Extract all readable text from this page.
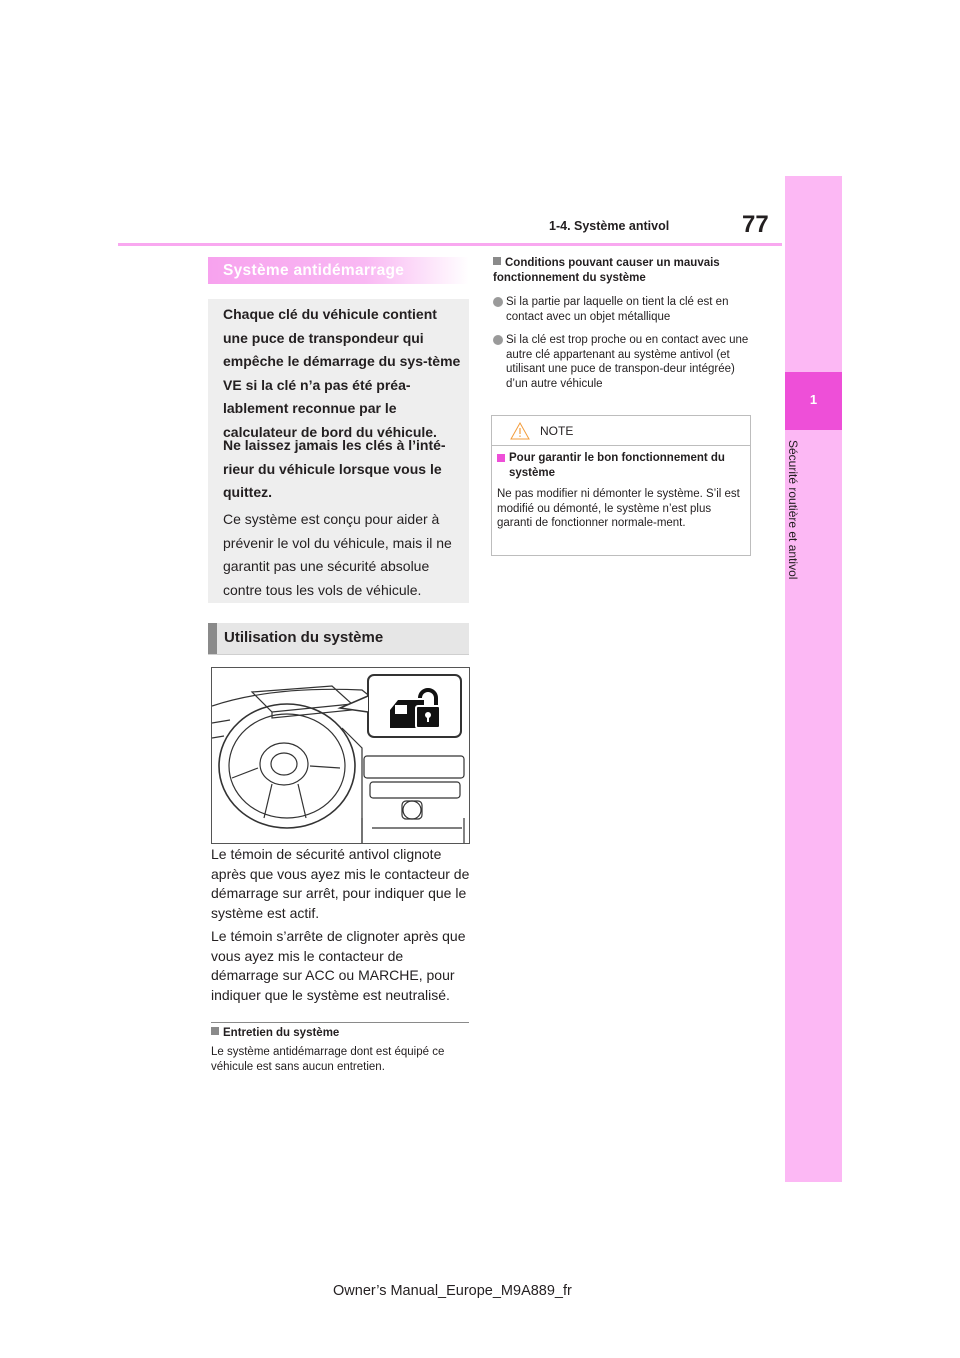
1-4. Système antivol	77
1
Sécurité routière et antivol
Système antidémarrage
Chaque clé du véhicule contient une puce de transpondeur qui empêche le démarrage du sys-tème VE si la clé n’a pas été préa-lablement reconnue par le calculateur de bord du véhicule.
Ne laissez jamais les clés à l’inté-rieur du véhicule lorsque vous le quittez.
Ce système est conçu pour aider à prévenir le vol du véhicule, mais il ne garantit pas une sécurité absolue contre tous les vols de véhicule.
Utilisation du système
Le témoin de sécurité antivol clignote après que vous ayez mis le contacteur de démarrage sur arrêt, pour indiquer que le système est actif.
Le témoin s’arrête de clignoter après que vous ayez mis le contacteur de démarrage sur ACC ou MARCHE, pour indiquer que le système est neutralisé.
Entretien du système
Le système antidémarrage dont est équipé ce véhicule est sans aucun entretien.
Conditions pouvant causer un mauvais fonctionnement du système
Si la partie par laquelle on tient la clé est en contact avec un objet métallique
Si la clé est trop proche ou en contact avec une autre clé appartenant au système antivol (et utilisant une puce de transpon-deur intégrée) d’un autre véhicule
NOTE
Pour garantir le bon fonctionnement du système
Ne pas modifier ni démonter le système. S’il est modifié ou démonté, le système n’est plus garanti de fonctionner normale-ment.
Owner’s Manual_Europe_M9A889_fr
